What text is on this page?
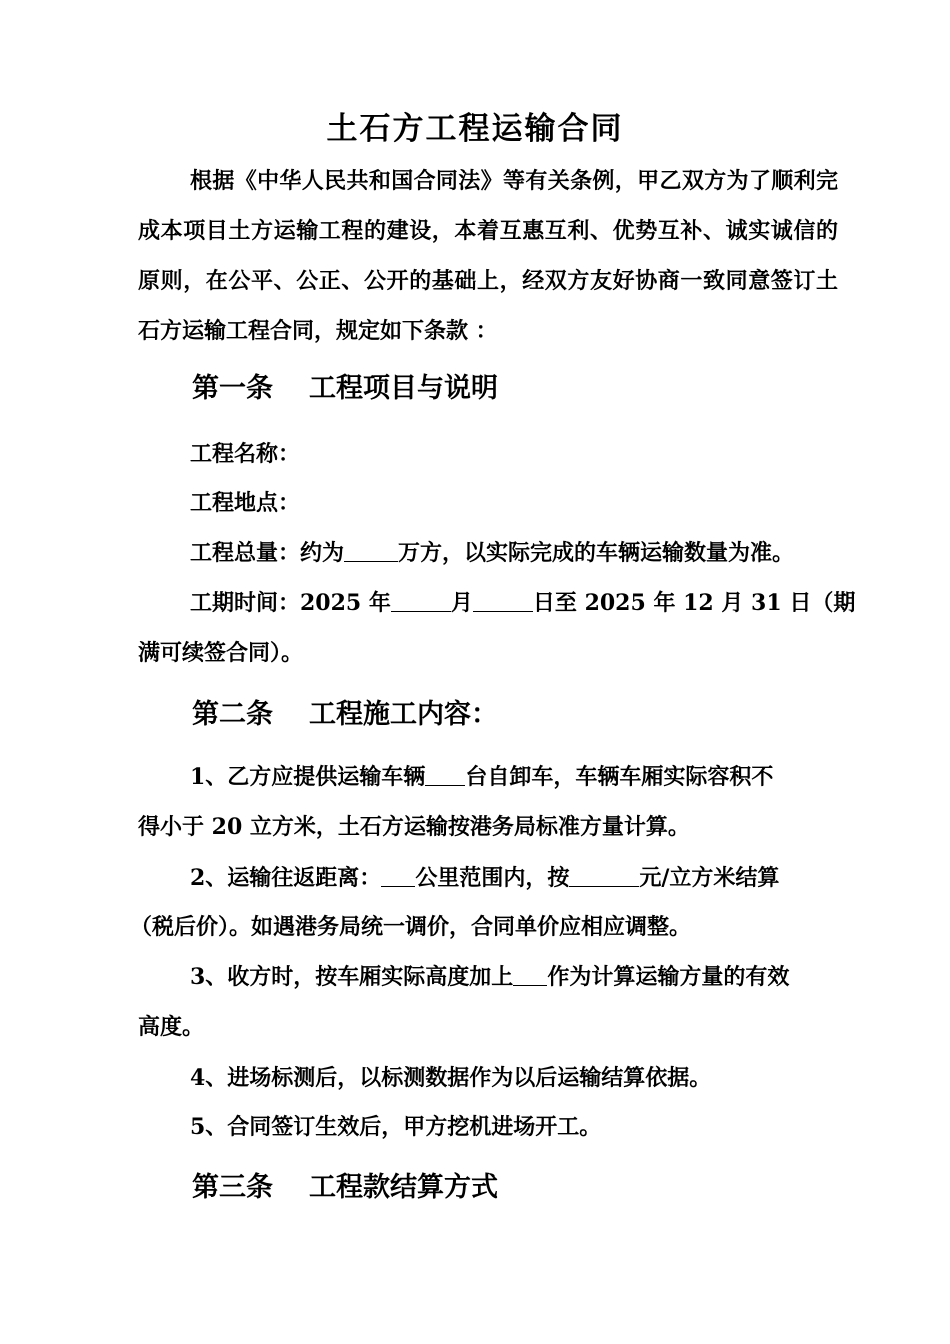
土石方工程运输合同

根据《中华人民共和国合同法》等有关条例，甲乙双方为了顺利完成本项目土方运输工程的建设，本着互惠互利、优势互补、诚实诚信的原则，在公平、公正、公开的基础上，经双方友好协商一致同意签订土石方运输工程合同，规定如下条款 ：

第一条 工程项目与说明
工程名称：
工程地点：
工程总量：约为 万方，以实际完成的车辆运输数量为准。
工期时间：2025 年	月	日至 2025 年 12 月 31 日（期
满可续签合同）。
第二条 工程施工内容：
1、乙方应提供运输车辆 台自卸车，车辆车厢实际容积不
得小于 20 立方米，土石方运输按港务局标准方量计算。
2、运输往返距离： 公里范围内，按	元/立方米结算
（税后价）。如遇港务局统一调价，合同单价应相应调整。
3、收方时，按车厢实际高度加上 作为计算运输方量的有效
高度。
4、进场标测后，以标测数据作为以后运输结算依据。
5、合同签订生效后，甲方挖机进场开工。
第三条 工程款结算方式
